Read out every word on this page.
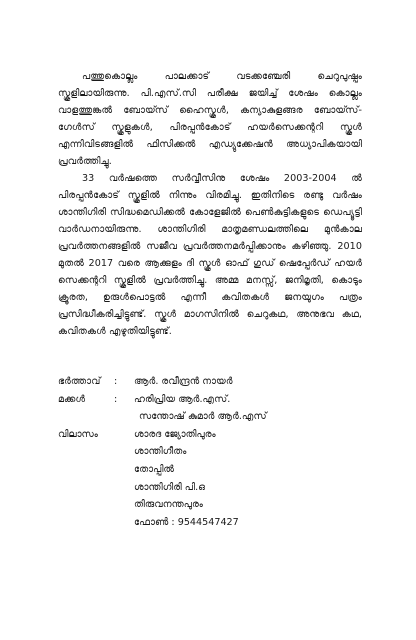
പത്തുകൊല്ലം പാലക്കാട് വടക്കഞ്ചേരി ചെറുപുഷ്പം സ്കൂളിലായിരുന്നു. പി.എസ്.സി പരീക്ഷ ജയിച്ച് ശേഷം കൊല്ലം വാളത്തുങ്കൽ ബോയ്സ് ഹൈസ്കൂൾ, കന്യാകുളങ്ങര ബോയ്സ്-ഗേൾസ് സ്കൂളുകൾ, പിരപ്പൻകോട് ഹയർസെക്കന്ററി സ്കൂൾ എന്നിവിടങ്ങളിൽ ഫിസിക്കൽ എഡ്യുക്കേഷൻ അധ്യാപികയായി പ്രവർത്തിച്ചു.

33 വർഷത്തെ സർവ്വീസിനു ശേഷം 2003-2004 ൽ പിരപ്പൻകോട് സ്കൂളിൽ നിന്നും വിരമിച്ചു. ഇതിനിടെ രണ്ടു വർഷം ശാന്തിഗിരി സിദ്ധമെഡിക്കൽ കോളേജിൽ പെൺകുട്ടികളുടെ ഡെപ്യൂട്ടി വാർഡനായിരുന്നു. ശാന്തിഗിരി മാതൃമണ്ഡലത്തിലെ മുൻകാല പ്രവർത്തനങ്ങളിൽ സജീവ പ്രവർത്തനമർപ്പിക്കാനും കഴിഞ്ഞു. 2010 മുതൽ 2017 വരെ ആക്കുളം ദി സ്കൂൾ ഓഫ് ഗുഡ് ഷെപ്പേർഡ് ഹയർ സെക്കന്ററി സ്കൂളിൽ പ്രവർത്തിച്ചു. അമ്മ മനസ്സ്, ജനിമൃതി, കൊടും ക്രൂരത, ഉരുൾപൊട്ടൽ എന്നീ കവിതകൾ ജനയുഗം പത്രം പ്രസിദ്ധീകരിച്ചിട്ടുണ്ട്. സ്കൂൾ മാഗസിനിൽ ചെറുകഥ, അനുഭവ കഥ, കവിതകൾ എഴുതിയിട്ടുണ്ട്.

ഭർത്താവ്	:	ആർ. രവീന്ദ്രൻ നായർ
മക്കൾ	:	ഹരിപ്രിയ ആർ.എസ്.
സന്തോഷ് കുമാർ ആർ.എസ്
വിലാസം	ശാരദ ജ്യോതിപുരം
ശാന്തിഗീതം
തോപ്പിൽ
ശാന്തിഗിരി പി.ഒ
തിരുവനന്തപുരം
ഫോൺ : 9544547427
